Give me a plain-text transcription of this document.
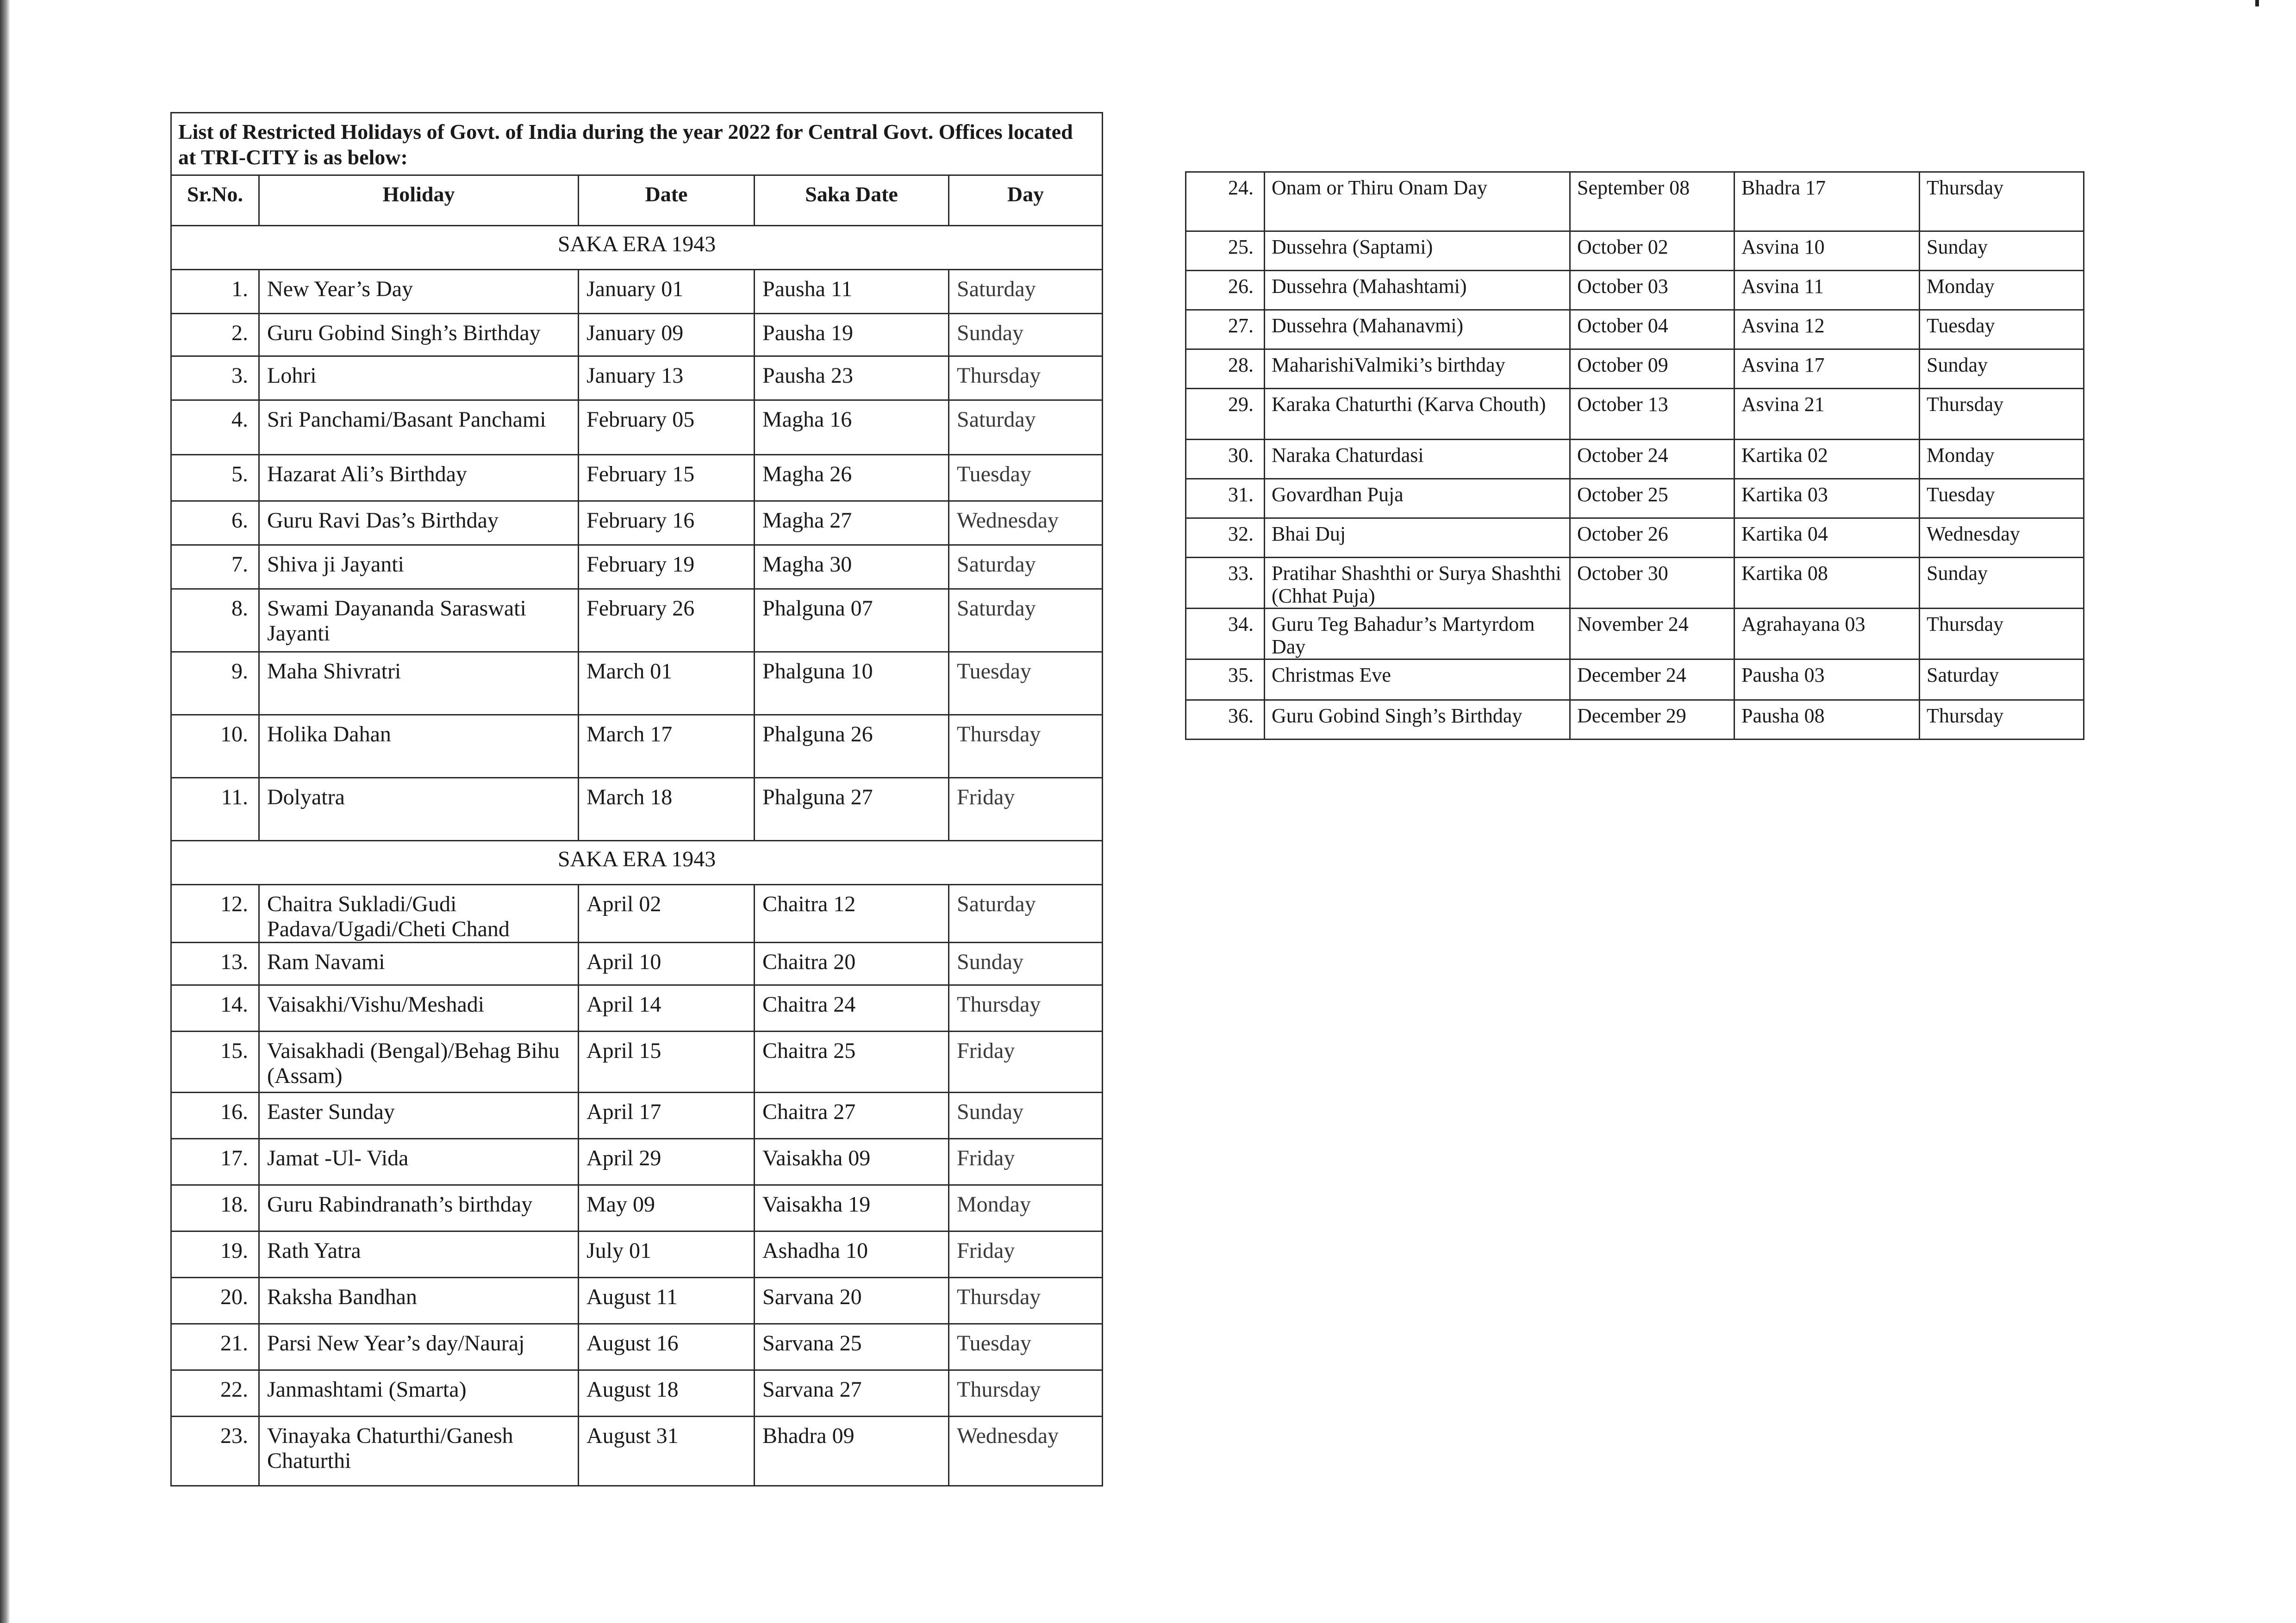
List of Restricted Holidays of Govt. of India during the year 2022 for Central Govt. Offices located at TRI-CITY is as below:				
Sr.No.	Holiday	Date	Saka Date	Day
SAKA ERA 1943				
1.	New Year’s Day	January 01	Pausha 11	Saturday
2.	Guru Gobind Singh’s Birthday	January 09	Pausha 19	Sunday
3.	Lohri	January 13	Pausha 23	Thursday
4.	Sri Panchami/Basant Panchami	February 05	Magha 16	Saturday
5.	Hazarat Ali’s Birthday	February 15	Magha 26	Tuesday
6.	Guru Ravi Das’s Birthday	February 16	Magha 27	Wednesday
7.	Shiva ji Jayanti	February 19	Magha 30	Saturday
8.	Swami Dayananda Saraswati Jayanti	February 26	Phalguna 07	Saturday
9.	Maha Shivratri	March 01	Phalguna 10	Tuesday
10.	Holika Dahan	March 17	Phalguna 26	Thursday
11.	Dolyatra	March 18	Phalguna 27	Friday
SAKA ERA 1943				
12.	Chaitra Sukladi/Gudi Padava/Ugadi/Cheti Chand	April 02	Chaitra 12	Saturday
13.	Ram Navami	April 10	Chaitra 20	Sunday
14.	Vaisakhi/Vishu/Meshadi	April 14	Chaitra 24	Thursday
15.	Vaisakhadi (Bengal)/Behag Bihu (Assam)	April 15	Chaitra 25	Friday
16.	Easter Sunday	April 17	Chaitra 27	Sunday
17.	Jamat -Ul- Vida	April 29	Vaisakha 09	Friday
18.	Guru Rabindranath’s birthday	May 09	Vaisakha 19	Monday
19.	Rath Yatra	July 01	Ashadha 10	Friday
20.	Raksha Bandhan	August 11	Sarvana 20	Thursday
21.	Parsi New Year’s day/Nauraj	August 16	Sarvana 25	Tuesday
22.	Janmashtami (Smarta)	August 18	Sarvana 27	Thursday
23.	Vinayaka Chaturthi/Ganesh Chaturthi	August 31	Bhadra 09	Wednesday
24.	Onam or Thiru Onam Day	September 08	Bhadra 17	Thursday
25.	Dussehra (Saptami)	October 02	Asvina 10	Sunday
26.	Dussehra (Mahashtami)	October 03	Asvina 11	Monday
27.	Dussehra (Mahanavmi)	October 04	Asvina 12	Tuesday
28.	MaharishiValmiki’s birthday	October 09	Asvina 17	Sunday
29.	Karaka Chaturthi (Karva Chouth)	October 13	Asvina 21	Thursday
30.	Naraka Chaturdasi	October 24	Kartika 02	Monday
31.	Govardhan Puja	October 25	Kartika 03	Tuesday
32.	Bhai Duj	October 26	Kartika 04	Wednesday
33.	Pratihar Shashthi or Surya Shashthi (Chhat Puja)	October 30	Kartika 08	Sunday
34.	Guru Teg Bahadur’s Martyrdom Day	November 24	Agrahayana 03	Thursday
35.	Christmas Eve	December 24	Pausha 03	Saturday
36.	Guru Gobind Singh’s Birthday	December 29	Pausha 08	Thursday
